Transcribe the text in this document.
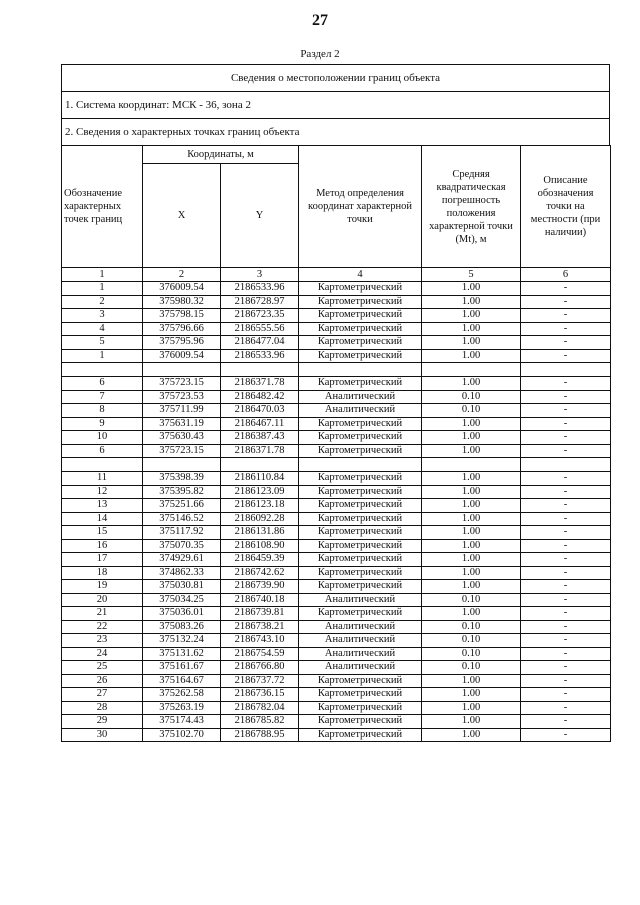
27
Раздел 2
Сведения о местоположении границ объекта
1. Система координат: МСК - 36, зона 2
2. Сведения о характерных точках границ объекта
Обозначение характерных точек границ	Координаты, м		Метод определения координат характерной точки	Средняя квадратическая погрешность положения характерной точки (Mt), м	Описание обозначения точки на местности (при наличии)
	X	Y			
1	2	3	4	5	6
1	376009.54	2186533.96	Картометрический	1.00	-
2	375980.32	2186728.97	Картометрический	1.00	-
3	375798.15	2186723.35	Картометрический	1.00	-
4	375796.66	2186555.56	Картометрический	1.00	-
5	375795.96	2186477.04	Картометрический	1.00	-
1	376009.54	2186533.96	Картометрический	1.00	-

6	375723.15	2186371.78	Картометрический	1.00	-
7	375723.53	2186482.42	Аналитический	0.10	-
8	375711.99	2186470.03	Аналитический	0.10	-
9	375631.19	2186467.11	Картометрический	1.00	-
10	375630.43	2186387.43	Картометрический	1.00	-
6	375723.15	2186371.78	Картометрический	1.00	-

11	375398.39	2186110.84	Картометрический	1.00	-
12	375395.82	2186123.09	Картометрический	1.00	-
13	375251.66	2186123.18	Картометрический	1.00	-
14	375146.52	2186092.28	Картометрический	1.00	-
15	375117.92	2186131.86	Картометрический	1.00	-
16	375070.35	2186108.90	Картометрический	1.00	-
17	374929.61	2186459.39	Картометрический	1.00	-
18	374862.33	2186742.62	Картометрический	1.00	-
19	375030.81	2186739.90	Картометрический	1.00	-
20	375034.25	2186740.18	Аналитический	0.10	-
21	375036.01	2186739.81	Картометрический	1.00	-
22	375083.26	2186738.21	Аналитический	0.10	-
23	375132.24	2186743.10	Аналитический	0.10	-
24	375131.62	2186754.59	Аналитический	0.10	-
25	375161.67	2186766.80	Аналитический	0.10	-
26	375164.67	2186737.72	Картометрический	1.00	-
27	375262.58	2186736.15	Картометрический	1.00	-
28	375263.19	2186782.04	Картометрический	1.00	-
29	375174.43	2186785.82	Картометрический	1.00	-
30	375102.70	2186788.95	Картометрический	1.00	-
